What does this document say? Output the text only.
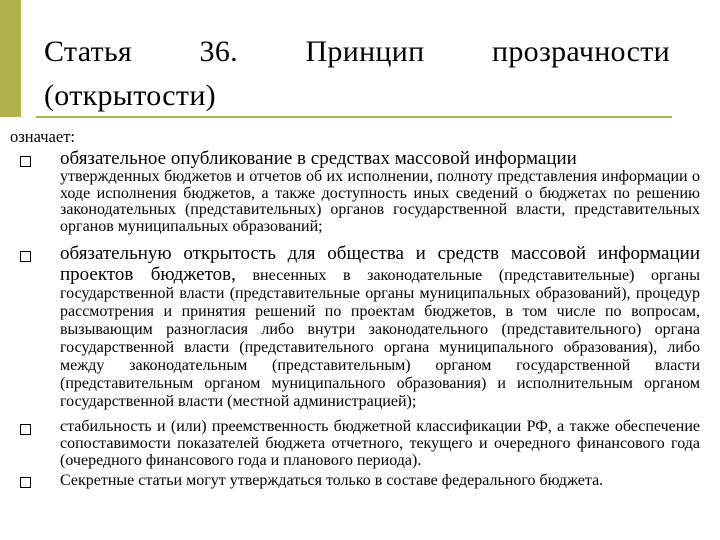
Статья 36. Принцип прозрачности (открытости)
означает:
обязательное опубликование в средствах массовой информации
утвержденных бюджетов и отчетов об их исполнении, полноту представления информации о ходе исполнения бюджетов, а также доступность иных сведений о бюджетах по решению законодательных (представительных) органов государственной власти, представительных органов муниципальных образований;
обязательную открытость для общества и средств массовой информации проектов бюджетов, внесенных в законодательные (представительные) органы государственной власти (представительные органы муниципальных образований), процедур рассмотрения и принятия решений по проектам бюджетов, в том числе по вопросам, вызывающим разногласия либо внутри законодательного (представительного) органа государственной власти (представительного органа муниципального образования), либо между законодательным (представительным) органом государственной власти (представительным органом муниципального образования) и исполнительным органом государственной власти (местной администрацией);
стабильность и (или) преемственность бюджетной классификации РФ, а также обеспечение сопоставимости показателей бюджета отчетного, текущего и очередного финансового года (очередного финансового года и планового периода).
Секретные статьи могут утверждаться только в составе федерального бюджета.
